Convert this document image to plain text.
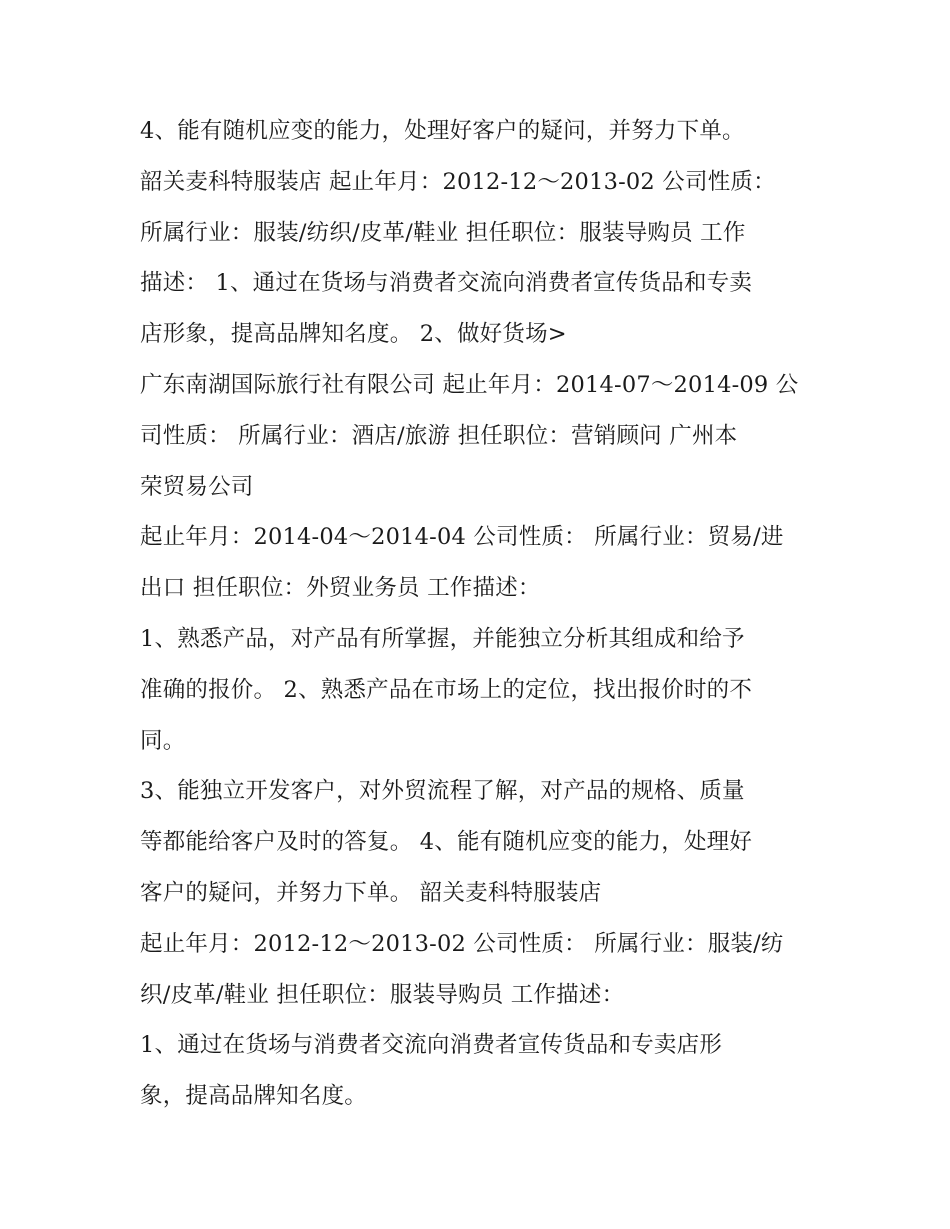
4、能有随机应变的能力，处理好客户的疑问，并努力下单。
韶关麦科特服装店 起止年月：2012-12～2013-02 公司性质：
所属行业：服装/纺织/皮革/鞋业 担任职位：服装导购员 工作
描述： 1、通过在货场与消费者交流向消费者宣传货品和专卖
店形象，提高品牌知名度。 2、做好货场>
广东南湖国际旅行社有限公司 起止年月：2014-07～2014-09 公
司性质： 所属行业：酒店/旅游 担任职位：营销顾问 广州本
荣贸易公司
起止年月：2014-04～2014-04 公司性质： 所属行业：贸易/进
出口 担任职位：外贸业务员 工作描述：
1、熟悉产品，对产品有所掌握，并能独立分析其组成和给予
准确的报价。 2、熟悉产品在市场上的定位，找出报价时的不
同。
3、能独立开发客户，对外贸流程了解，对产品的规格、质量
等都能给客户及时的答复。 4、能有随机应变的能力，处理好
客户的疑问，并努力下单。 韶关麦科特服装店
起止年月：2012-12～2013-02 公司性质： 所属行业：服装/纺
织/皮革/鞋业 担任职位：服装导购员 工作描述：
1、通过在货场与消费者交流向消费者宣传货品和专卖店形
象，提高品牌知名度。
